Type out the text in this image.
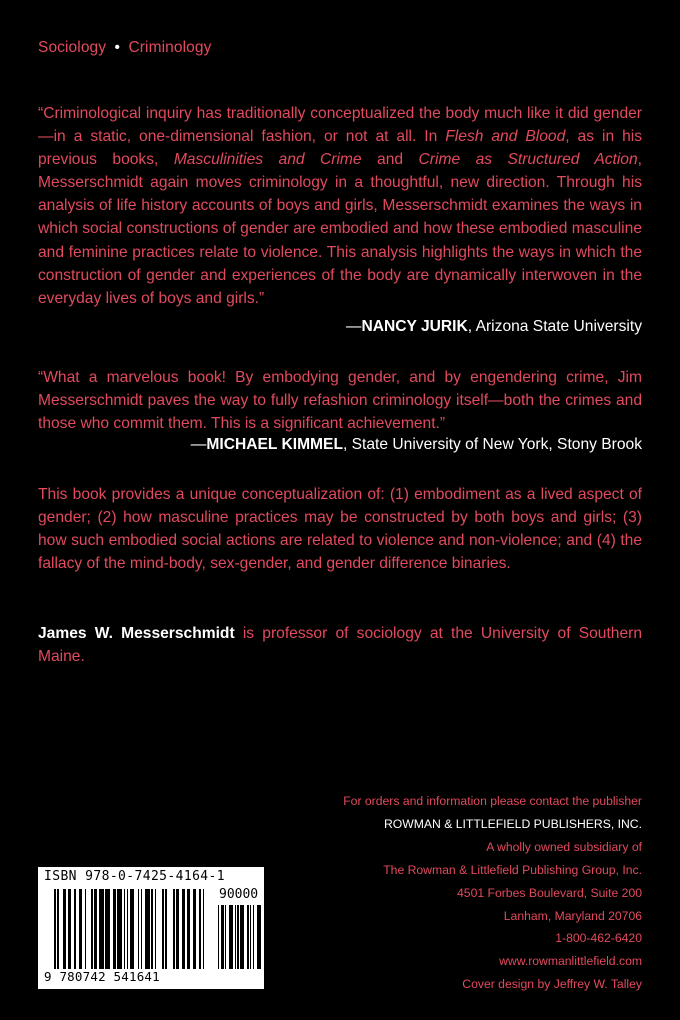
Sociology • Criminology

“Criminological inquiry has traditionally conceptualized the body much like it did gender—in a static, one-dimensional fashion, or not at all. In Flesh and Blood, as in his previous books, Masculinities and Crime and Crime as Structured Action, Messerschmidt again moves criminology in a thoughtful, new direction. Through his analysis of life history accounts of boys and girls, Messerschmidt examines the ways in which social constructions of gender are embodied and how these embodied masculine and feminine practices relate to violence. This analysis highlights the ways in which the construction of gender and experiences of the body are dynamically interwoven in the everyday lives of boys and girls.”

—NANCY JURIK, Arizona State University

“What a marvelous book! By embodying gender, and by engendering crime, Jim Messerschmidt paves the way to fully refashion criminology itself—both the crimes and those who commit them. This is a significant achievement.”

—MICHAEL KIMMEL, State University of New York, Stony Brook

This book provides a unique conceptualization of: (1) embodiment as a lived aspect of gender; (2) how masculine practices may be constructed by both boys and girls; (3) how such embodied social actions are related to violence and non-violence; and (4) the fallacy of the mind-body, sex-gender, and gender difference binaries.

James W. Messerschmidt is professor of sociology at the University of Southern Maine.

For orders and information please contact the publisher
ROWMAN & LITTLEFIELD PUBLISHERS, INC.
A wholly owned subsidiary of
The Rowman & Littlefield Publishing Group, Inc.
4501 Forbes Boulevard, Suite 200
Lanham, Maryland 20706
1-800-462-6420
www.rowmanlittlefield.com
Cover design by Jeffrey W. Talley
ISBN 978-0-7425-4164-1
90000
9 780742 541641
